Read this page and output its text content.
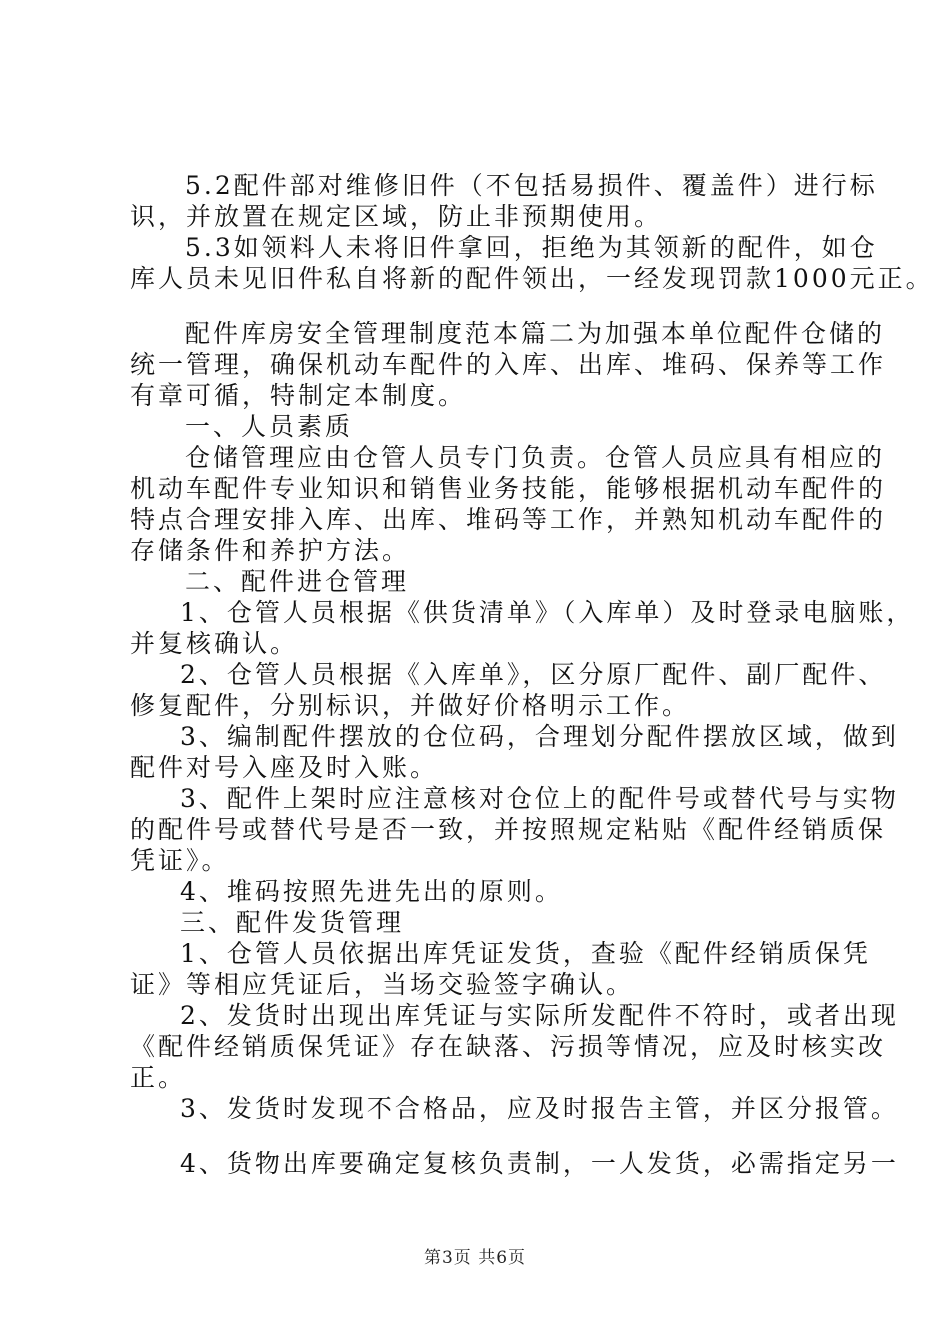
5.2配件部对维修旧件（不包括易损件、覆盖件）进行标
识，并放置在规定区域，防止非预期使用。
5.3如领料人未将旧件拿回，拒绝为其领新的配件，如仓
库人员未见旧件私自将新的配件领出，一经发现罚款1000元正。
配件库房安全管理制度范本篇二为加强本单位配件仓储的
统一管理，确保机动车配件的入库、出库、堆码、保养等工作
有章可循，特制定本制度。
一、人员素质
仓储管理应由仓管人员专门负责。仓管人员应具有相应的
机动车配件专业知识和销售业务技能，能够根据机动车配件的
特点合理安排入库、出库、堆码等工作，并熟知机动车配件的
存储条件和养护方法。
二、配件进仓管理
1、仓管人员根据《供货清单》（入库单）及时登录电脑账，
并复核确认。
2、仓管人员根据《入库单》，区分原厂配件、副厂配件、
修复配件，分别标识，并做好价格明示工作。
3、编制配件摆放的仓位码，合理划分配件摆放区域，做到
配件对号入座及时入账。
3、配件上架时应注意核对仓位上的配件号或替代号与实物
的配件号或替代号是否一致，并按照规定粘贴《配件经销质保
凭证》。
4、堆码按照先进先出的原则。
三、配件发货管理
1、仓管人员依据出库凭证发货，查验《配件经销质保凭
证》等相应凭证后，当场交验签字确认。
2、发货时出现出库凭证与实际所发配件不符时，或者出现
《配件经销质保凭证》存在缺落、污损等情况，应及时核实改
正。
3、发货时发现不合格品，应及时报告主管，并区分报管。
4、货物出库要确定复核负责制，一人发货，必需指定另一
第3页 共6页
